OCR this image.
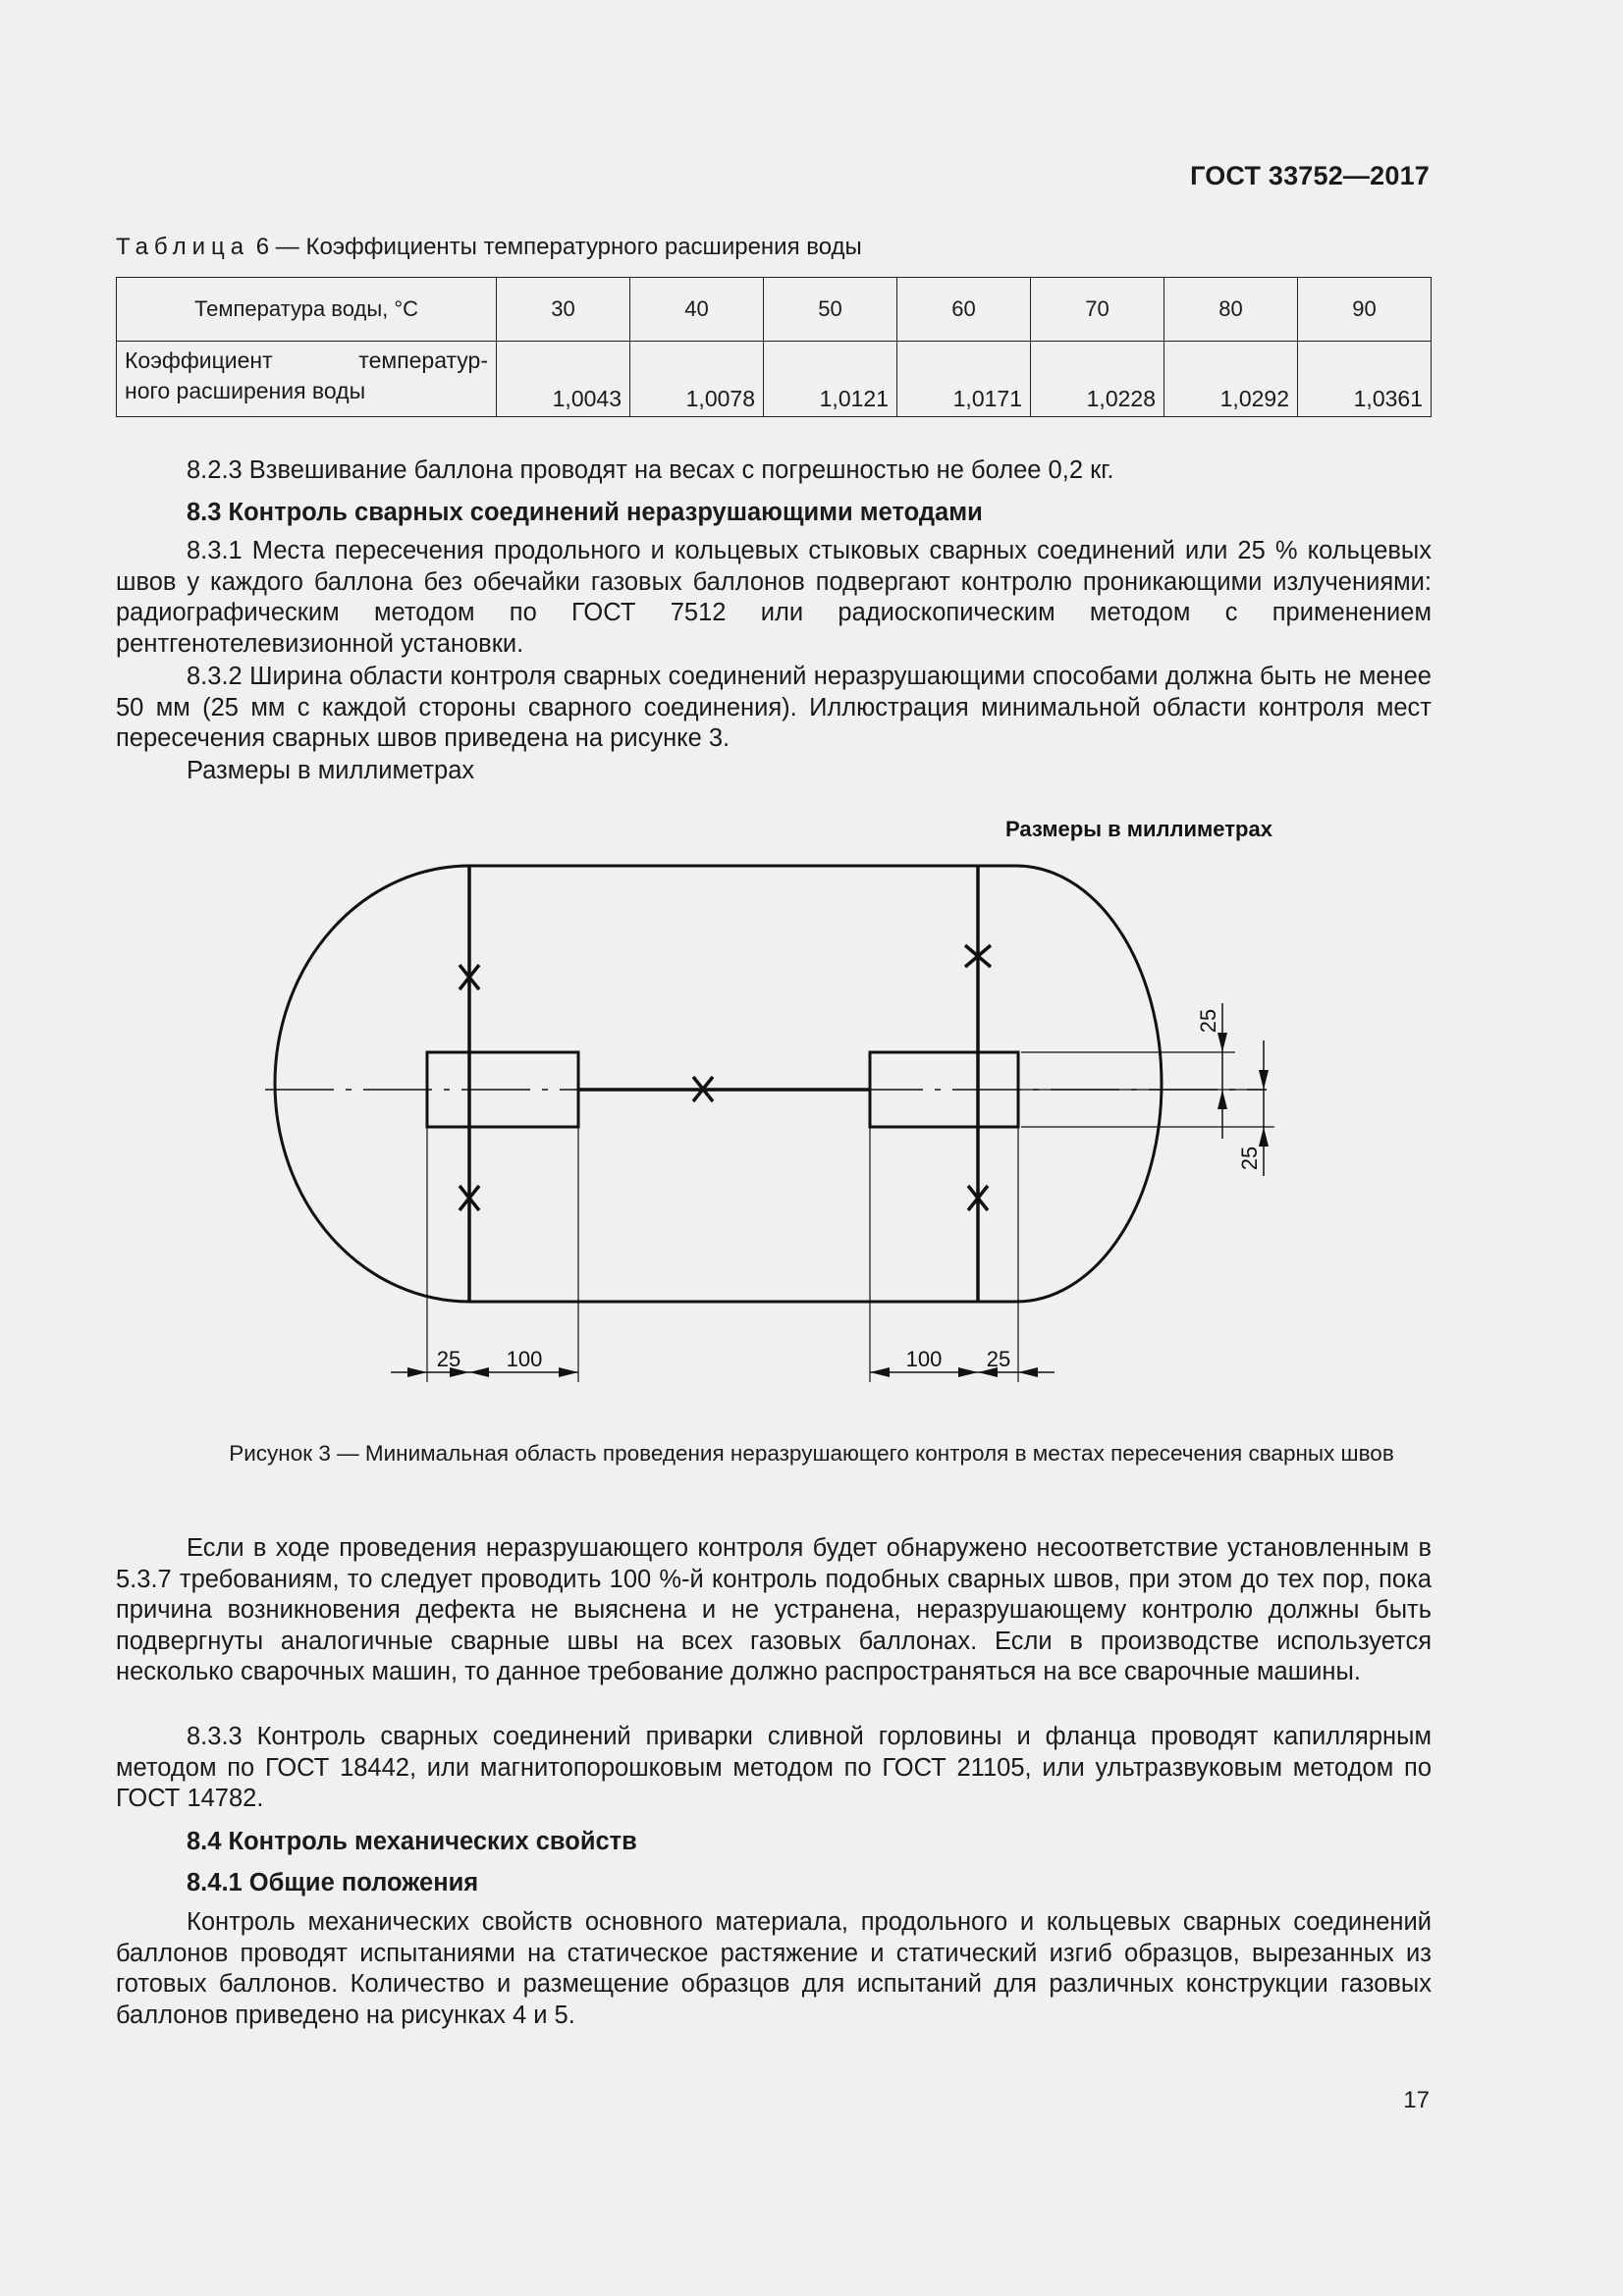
ГОСТ 33752—2017
Таблица 6 — Коэффициенты температурного расширения воды
Температура воды, °С	30	40	50	60	70	80	90

Коэффициент температур-
ного расширения воды	1,0043	1,0078	1,0121	1,0171	1,0228	1,0292	1,0361

8.2.3 Взвешивание баллона проводят на весах с погрешностью не более 0,2 кг.

8.3 Контроль сварных соединений неразрушающими методами

8.3.1 Места пересечения продольного и кольцевых стыковых сварных соединений или 25 % кольцевых швов у каждого баллона без обечайки газовых баллонов подвергают контролю проникающими излучениями: радиографическим методом по ГОСТ 7512 или радиоскопическим методом с применением рентгенотелевизионной установки.

8.3.2 Ширина области контроля сварных соединений неразрушающими способами должна быть не менее 50 мм (25 мм с каждой стороны сварного соединения). Иллюстрация минимальной области контроля мест пересечения сварных швов приведена на рисунке 3.

Размеры в миллиметрах

Размеры в миллиметрах
25 100	100 25
25
25
Рисунок 3 — Минимальная область проведения неразрушающего контроля в местах пересечения сварных швов

Если в ходе проведения неразрушающего контроля будет обнаружено несоответствие установленным в 5.3.7 требованиям, то следует проводить 100 %-й контроль подобных сварных швов, при этом до тех пор, пока причина возникновения дефекта не выяснена и не устранена, неразрушающему контролю должны быть подвергнуты аналогичные сварные швы на всех газовых баллонах. Если в производстве используется несколько сварочных машин, то данное требование должно распространяться на все сварочные машины.

8.3.3 Контроль сварных соединений приварки сливной горловины и фланца проводят капиллярным методом по ГОСТ 18442, или магнитопорошковым методом по ГОСТ 21105, или ультразвуковым методом по ГОСТ 14782.

8.4 Контроль механических свойств

8.4.1 Общие положения

Контроль механических свойств основного материала, продольного и кольцевых сварных соединений баллонов проводят испытаниями на статическое растяжение и статический изгиб образцов, вырезанных из готовых баллонов. Количество и размещение образцов для испытаний для различных конструкции газовых баллонов приведено на рисунках 4 и 5.

17
